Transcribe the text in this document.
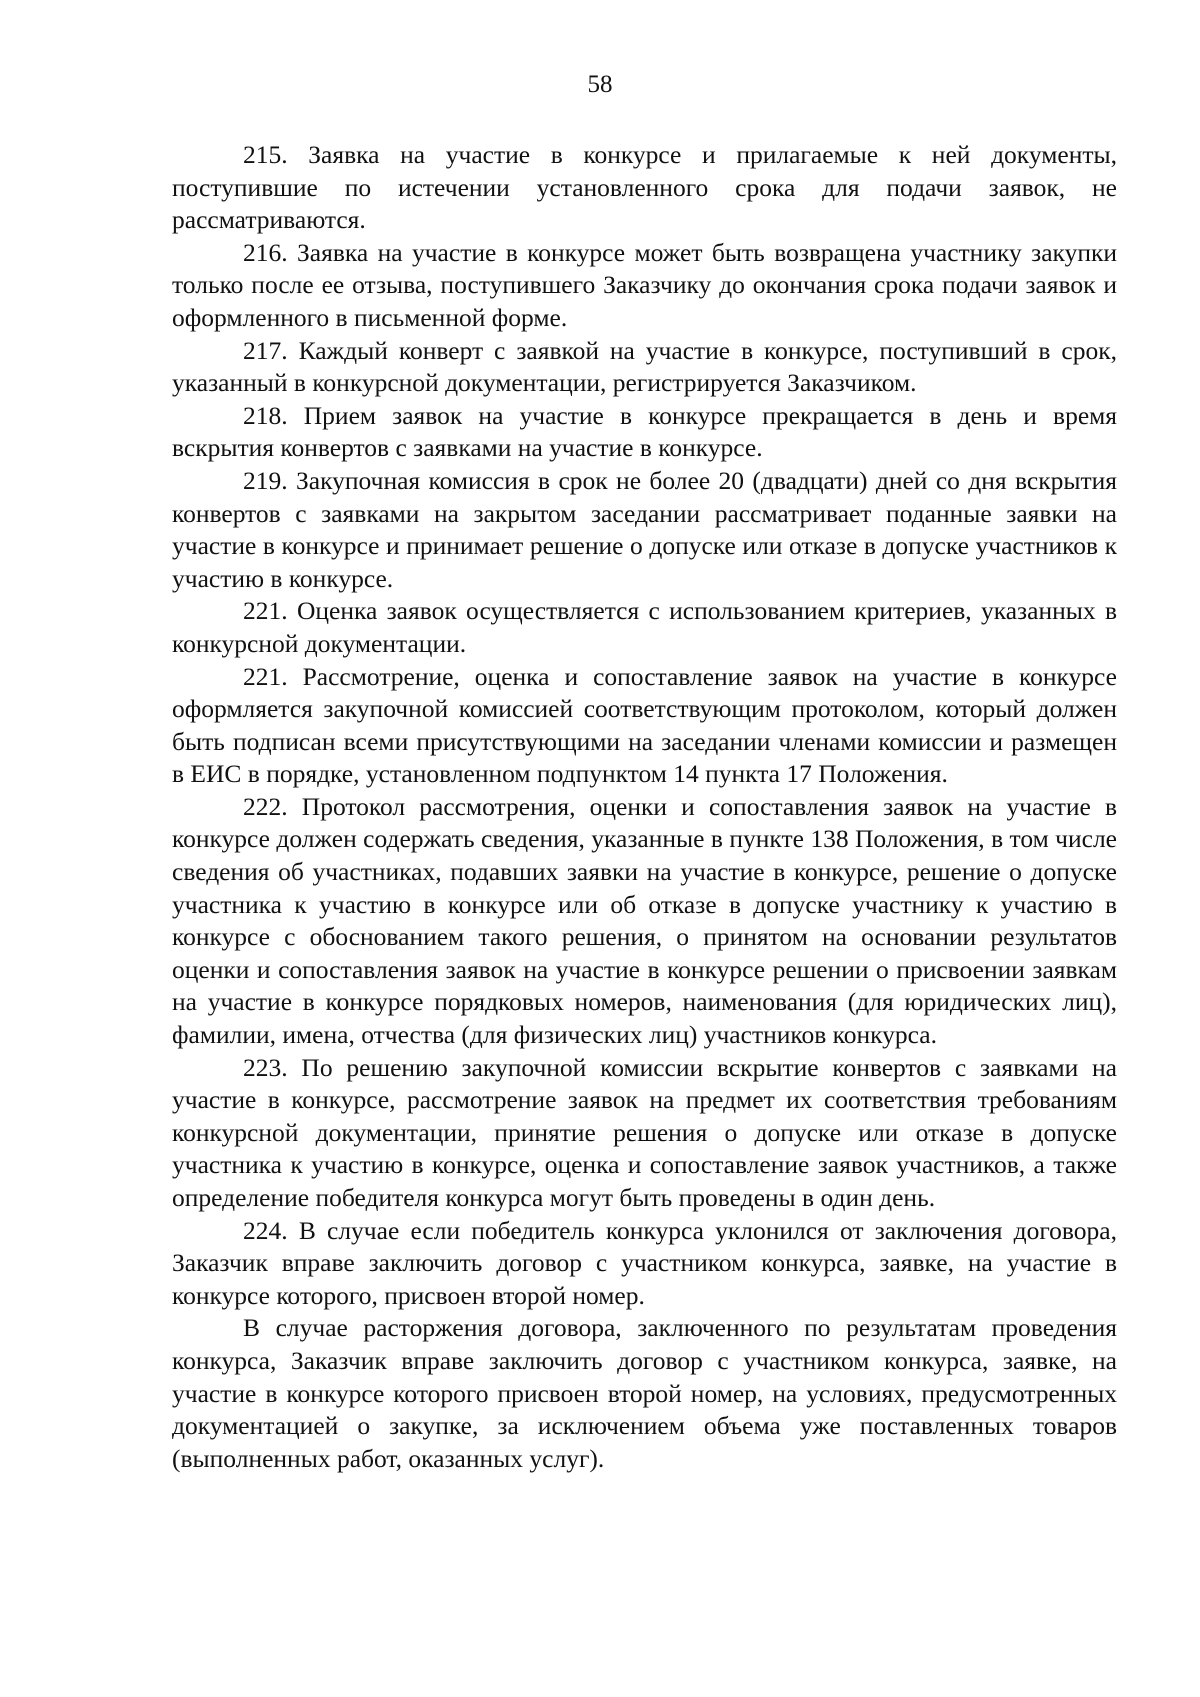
58

215. Заявка на участие в конкурсе и прилагаемые к ней документы, поступившие по истечении установленного срока для подачи заявок, не рассматриваются.

216. Заявка на участие в конкурсе может быть возвращена участнику закупки только после ее отзыва, поступившего Заказчику до окончания срока подачи заявок и оформленного в письменной форме.

217. Каждый конверт с заявкой на участие в конкурсе, поступивший в срок, указанный в конкурсной документации, регистрируется Заказчиком.

218. Прием заявок на участие в конкурсе прекращается в день и время вскрытия конвертов с заявками на участие в конкурсе.

219. Закупочная комиссия в срок не более 20 (двадцати) дней со дня вскрытия конвертов с заявками на закрытом заседании рассматривает поданные заявки на участие в конкурсе и принимает решение о допуске или отказе в допуске участников к участию в конкурсе.

221. Оценка заявок осуществляется с использованием критериев, указанных в конкурсной документации.

221. Рассмотрение, оценка и сопоставление заявок на участие в конкурсе оформляется закупочной комиссией соответствующим протоколом, который должен быть подписан всеми присутствующими на заседании членами комиссии и размещен в ЕИС в порядке, установленном подпунктом 14 пункта 17 Положения.

222. Протокол рассмотрения, оценки и сопоставления заявок на участие в конкурсе должен содержать сведения, указанные в пункте 138 Положения, в том числе сведения об участниках, подавших заявки на участие в конкурсе, решение о допуске участника к участию в конкурсе или об отказе в допуске участнику к участию в конкурсе с обоснованием такого решения, о принятом на основании результатов оценки и сопоставления заявок на участие в конкурсе решении о присвоении заявкам на участие в конкурсе порядковых номеров, наименования (для юридических лиц), фамилии, имена, отчества (для физических лиц) участников конкурса.

223. По решению закупочной комиссии вскрытие конвертов с заявками на участие в конкурсе, рассмотрение заявок на предмет их соответствия требованиям конкурсной документации, принятие решения о допуске или отказе в допуске участника к участию в конкурсе, оценка и сопоставление заявок участников, а также определение победителя конкурса могут быть проведены в один день.

224. В случае если победитель конкурса уклонился от заключения договора, Заказчик вправе заключить договор с участником конкурса, заявке, на участие в конкурсе которого, присвоен второй номер.

В случае расторжения договора, заключенного по результатам проведения конкурса, Заказчик вправе заключить договор с участником конкурса, заявке, на участие в конкурсе которого присвоен второй номер, на условиях, предусмотренных документацией о закупке, за исключением объема уже поставленных товаров (выполненных работ, оказанных услуг).
